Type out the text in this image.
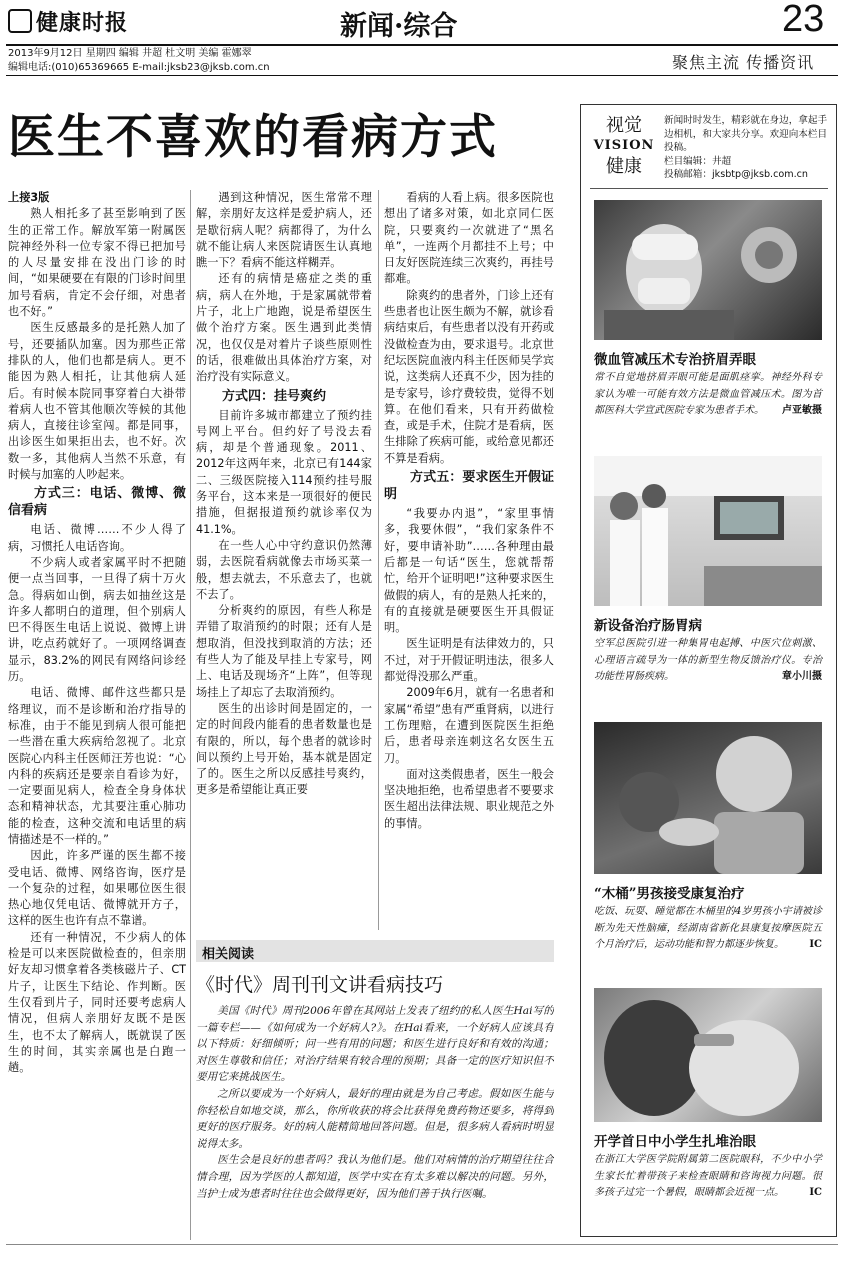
健康时报	新闻·综合	23
2013年9月12日 星期四 编辑 井超 杜文明 美编 霍娜翠
编辑电话:(010)65369665 E-mail:jksb23@jksb.com.cn	聚焦主流 传播资讯
医生不喜欢的看病方式

上接3版

熟人相托多了甚至影响到了医生的正常工作。解放军第一附属医院神经外科一位专家不得已把加号的人尽量安排在没出门诊的时间，“如果硬要在有限的门诊时间里加号看病，肯定不会仔细，对患者也不好。”

医生反感最多的是托熟人加了号，还要插队加塞。因为那些正常排队的人，他们也都是病人。更不能因为熟人相托，让其他病人延后。有时候本院同事穿着白大褂带着病人也不管其他顺次等候的其他病人，直接往诊室闯。都是同事，出诊医生如果拒出去，也不好。次数一多，其他病人当然不乐意，有时候与加塞的人吵起来。

方式三：电话、微博、微信看病

电话、微博……不少人得了病，习惯托人电话咨询。

不少病人或者家属平时不把随便一点当回事，一旦得了病十万火急。得病如山倒，病去如抽丝这是许多人都明白的道理，但个别病人巴不得医生电话上说说、微博上讲讲，吃点药就好了。一项网络调查显示，83.2%的网民有网络问诊经历。

电话、微博、邮件这些都只是络理议，而不是诊断和治疗指导的标准，由于不能见到病人很可能把一些潜在重大疾病给忽视了。北京医院心内科主任医师汪芳也说：“心内科的疾病还是要亲自看诊为好，一定要面见病人，检查全身身体状态和精神状态，尤其要注重心肺功能的检查，这种交流和电话里的病情描述是不一样的。”

因此，许多严谨的医生都不接受电话、微博、网络咨询，医疗是一个复杂的过程，如果哪位医生很热心地仅凭电话、微博就开方子，这样的医生也许有点不靠谱。

还有一种情况，不少病人的体检是可以来医院做检查的，但亲朋好友却习惯拿着各类核磁片子、CT片子，让医生下结论、作判断。医生仅看到片子，同时还要考虑病人情况，但病人亲朋好友既不是医生，也不太了解病人，既就误了医生的时间，其实亲属也是白跑一趟。

遇到这种情况，医生常常不理解，亲朋好友这样是爱护病人，还是歇衍病人呢？病都得了，为什么就不能让病人来医院请医生认真地瞧一下？看病不能这样糊弄。

还有的病情是癌症之类的重病，病人在外地，于是家属就带着片子，北上广地跑，说是希望医生做个治疗方案。医生遇到此类情况，也仅仅是对着片子谈些原则性的话，很难做出具体治疗方案，对治疗没有实际意义。

方式四：挂号爽约

目前许多城市都建立了预约挂号网上平台。但约好了号没去看病，却是个普通现象。2011、2012年这两年来，北京已有144家二、三级医院接入114预约挂号服务平台，这本来是一项很好的便民措施，但据报道预约就诊率仅为41.1%。

在一些人心中守约意识仍然薄弱，去医院看病就像去市场买菜一般，想去就去，不乐意去了，也就不去了。

分析爽约的原因，有些人称是弄错了取消预约的时限；还有人是想取消，但没找到取消的方法；还有些人为了能及早挂上专家号，网上、电话及现场齐“上阵”，但等现场挂上了却忘了去取消预约。

医生的出诊时间是固定的，一定的时间段内能看的患者数量也是有限的，所以，每个患者的就诊时间以预约上号开始，基本就是固定了的。医生之所以反感挂号爽约，更多是希望能让真正要

看病的人看上病。很多医院也想出了诸多对策，如北京同仁医院，只要爽约一次就进了“黑名单”，一连两个月都挂不上号；中日友好医院连续三次爽约，再挂号都难。

除爽约的患者外，门诊上还有些患者也让医生颇为不解，就诊看病结束后，有些患者以没有开药或没做检查为由，要求退号。北京世纪坛医院血液内科主任医师吴学宾说，这类病人还真不少，因为挂的是专家号，诊疗费较贵，觉得不划算。在他们看来，只有开药做检查，或是手术，住院才是看病，医生排除了疾病可能，或给意见都还不算是看病。

方式五：要求医生开假证明

“我要办内退”，“家里事情多，我要休假”，“我们家条件不好，要申请补助”……各种理由最后都是一句话“医生，您就帮帮忙，给开个证明吧!”这种要求医生做假的病人，有的是熟人托来的，有的直接就是硬要医生开具假证明。

医生证明是有法律效力的，只不过，对于开假证明违法，很多人都觉得没那么严重。

2009年6月，就有一名患者和家属“希望”患有严重肾病，以进行工伤理赔，在遭到医院医生拒绝后，患者母亲连刺这名女医生五刀。

面对这类假患者，医生一般会坚决地拒绝，也希望患者不要要求医生超出法律法规、职业规范之外的事情。

相关阅读
《时代》周刊刊文讲看病技巧

美国《时代》周刊2006年曾在其网站上发表了纽约的私人医生Hai写的一篇专栏——《如何成为一个好病人?》。在Hai看来，一个好病人应该具有以下特质：好细倾听；问一些有用的问题；和医生进行良好和有效的沟通；对医生尊敬和信任；对治疗结果有较合理的预期；具备一定的医疗知识但不要用它来挑战医生。

之所以要成为一个好病人，最好的理由就是为自己考虑。假如医生能与你轻松自如地交谈，那么，你所收获的将会比获得免费药物还要多，将得到更好的医疗服务。好的病人能精简地回答问题。但是，很多病人看病时明显说得太多。

医生会是良好的患者吗？我认为他们是。他们对病情的治疗期望往往合情合理，因为学医的人都知道，医学中实在有太多难以解决的问题。另外，当护士成为患者时往往也会做得更好，因为他们善于执行医嘱。

视觉
VISION
健康
新闻时时发生，精彩就在身边，拿起手边相机，和大家共分享。欢迎向本栏目投稿。
栏目编辑：井超
投稿邮箱：jksbtp@jksb.com.cn
微血管减压术专治挤眉弄眼
常不自觉地挤眉弄眼可能是面肌痉挛。神经外科专家认为唯一可能有效方法是微血管减压术。图为首都医科大学宣武医院专家为患者手术。 卢亚敏摄
新设备治疗肠胃病
空军总医院引进一种集胃电起搏、中医穴位刺激、心理语言疏导为一体的新型生物反馈治疗仪。专治功能性胃肠疾病。	章小川摄
“木桶”男孩接受康复治疗
吃饭、玩耍、睡觉都在木桶里的4岁男孩小宇请被诊断为先天性脑瘫，经湖南省新化县康复按摩医院五个月治疗后，运动功能和智力都逐步恢复。	IC
开学首日中小学生扎堆治眼
在浙江大学医学院附属第二医院眼科，不少中小学生家长忙着带孩子来检查眼睛和咨询视力问题。很多孩子过完一个暑假，眼睛都会近视一点。	IC
